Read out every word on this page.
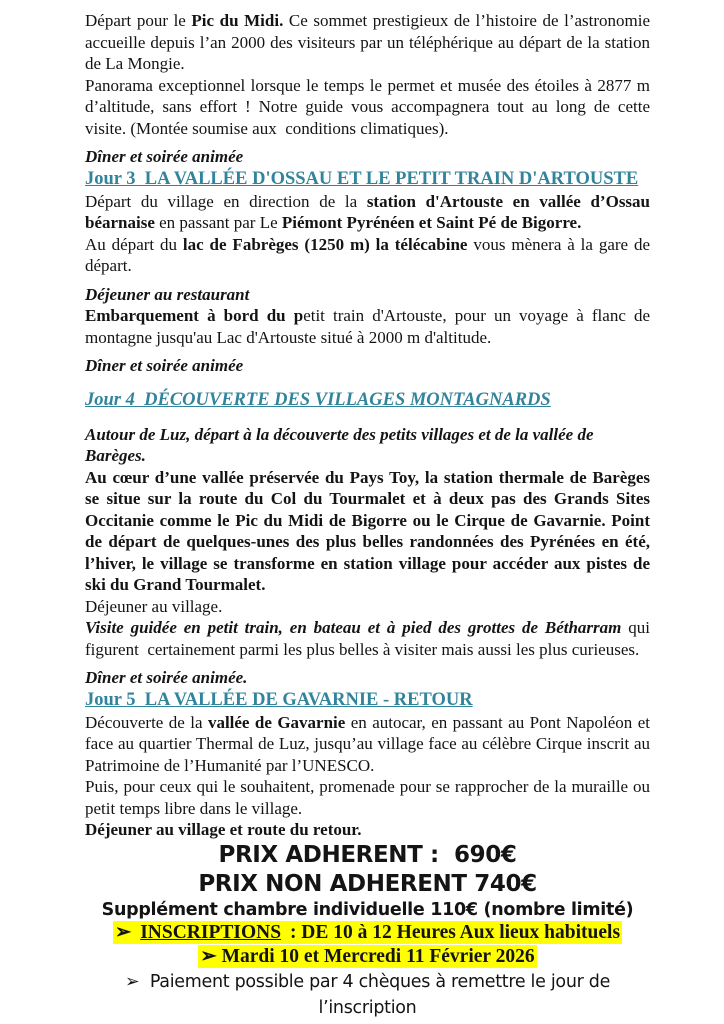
Départ pour le Pic du Midi. Ce sommet prestigieux de l’histoire de l’astronomie accueille depuis l’an 2000 des visiteurs par un téléphérique au départ de la station de La Mongie.
Panorama exceptionnel lorsque le temps le permet et musée des étoiles à 2877 m d’altitude, sans effort ! Notre guide vous accompagnera tout au long de cette visite. (Montée soumise aux  conditions climatiques).
Dîner et soirée animée
Jour 3  LA VALLÉE D'OSSAU ET LE PETIT TRAIN D'ARTOUSTE
Départ du village en direction de la station d'Artouste en vallée d’Ossau béarnaise en passant par Le Piémont Pyrénéen et Saint Pé de Bigorre.
Au départ du lac de Fabrèges (1250 m) la télécabine vous mènera à la gare de départ.
Déjeuner au restaurant
Embarquement à bord du petit train d'Artouste, pour un voyage à flanc de montagne jusqu'au Lac d'Artouste situé à 2000 m d'altitude.
Dîner et soirée animée
Jour 4  DÉCOUVERTE DES VILLAGES MONTAGNARDS
Autour de Luz, départ à la découverte des petits villages et de la vallée de Barèges.
Au cœur d’une vallée préservée du Pays Toy, la station thermale de Barèges se situe sur la route du Col du Tourmalet et à deux pas des Grands Sites Occitanie comme le Pic du Midi de Bigorre ou le Cirque de Gavarnie. Point de départ de quelques-unes des plus belles randonnées des Pyrénées en été, l’hiver, le village se transforme en station village pour accéder aux pistes de ski du Grand Tourmalet.
Déjeuner au village.
Visite guidée en petit train, en bateau et à pied des grottes de Bétharram qui figurent  certainement parmi les plus belles à visiter mais aussi les plus curieuses.
Dîner et soirée animée.
Jour 5  LA VALLÉE DE GAVARNIE - RETOUR
Découverte de la vallée de Gavarnie en autocar, en passant au Pont Napoléon et face au quartier Thermal de Luz, jusqu’au village face au célèbre Cirque inscrit au Patrimoine de l’Humanité par l’UNESCO.
Puis, pour ceux qui le souhaitent, promenade pour se rapprocher de la muraille ou petit temps libre dans le village.
Déjeuner au village et route du retour.
PRIX ADHERENT :  690€
PRIX NON ADHERENT 740€
Supplément chambre individuelle 110€ (nombre limité)
➢ INSCRIPTIONS : DE 10 à 12 Heures Aux lieux habituels
➢ Mardi 10 et Mercredi 11 Février 2026
➢  Paiement possible par 4 chèques à remettre le jour de l’inscription
